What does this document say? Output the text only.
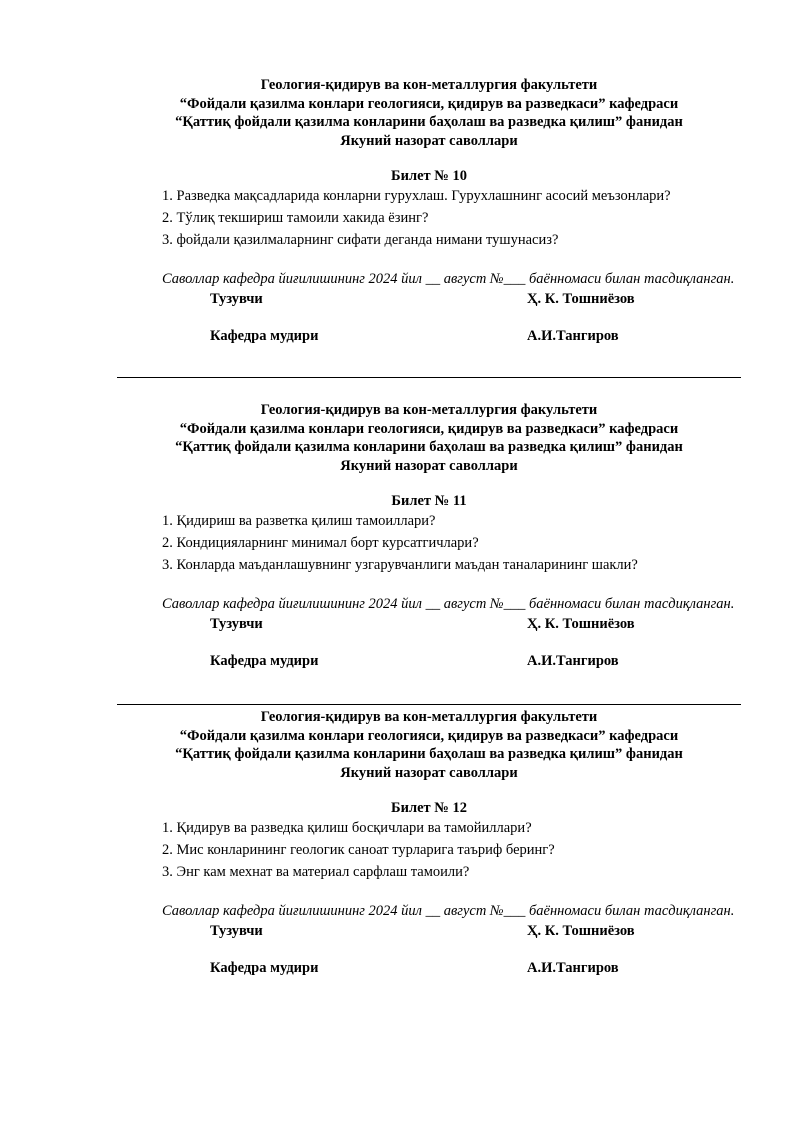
Геология-қидирув ва кон-металлургия факультети

“Фойдали қазилма конлари геологияси, қидирув ва разведкаси” кафедраси

“Қаттиқ фойдали қазилма конларини баҳолаш ва разведка қилиш” фанидан

Якуний назорат саволлари

Билет № 10

1. Разведка мақсадларида конларни гурухлаш. Гурухлашнинг асосий меъзонлари?
2. Тўлиқ текшириш тамоили хакида ёзинг?
3. фойдали қазилмаларнинг сифати деганда нимани тушунасиз?

Саволлар кафедра йиғилишининг 2024 йил __ август №___ баённомаси билан тасдиқланган.

Тузувчи	Ҳ. К. Тошниёзов
Кафедра мудири	А.И.Тангиров

Геология-қидирув ва кон-металлургия факультети

“Фойдали қазилма конлари геологияси, қидирув ва разведкаси” кафедраси

“Қаттиқ фойдали қазилма конларини баҳолаш ва разведка қилиш” фанидан

Якуний назорат саволлари

Билет № 11

1. Қидириш ва разветка қилиш тамоиллари?
2. Кондицияларнинг минимал борт курсатгичлари?
3. Конларда маъданлашувнинг узгарувчанлиги маъдан таналарининг шакли?

Саволлар кафедра йиғилишининг 2024 йил __ август №___ баённомаси билан тасдиқланган.

Тузувчи	Ҳ. К. Тошниёзов
Кафедра мудири	А.И.Тангиров

Геология-қидирув ва кон-металлургия факультети

“Фойдали қазилма конлари геологияси, қидирув ва разведкаси” кафедраси

“Қаттиқ фойдали қазилма конларини баҳолаш ва разведка қилиш” фанидан

Якуний назорат саволлари

Билет № 12

1. Қидирув ва разведка қилиш босқичлари ва тамойиллари?
2. Мис конларининг геологик саноат турларига таъриф беринг?
3. Энг кам мехнат ва материал сарфлаш тамоили?

Саволлар кафедра йиғилишининг 2024 йил __ август №___ баённомаси билан тасдиқланган.

Тузувчи	Ҳ. К. Тошниёзов
Кафедра мудири	А.И.Тангиров
